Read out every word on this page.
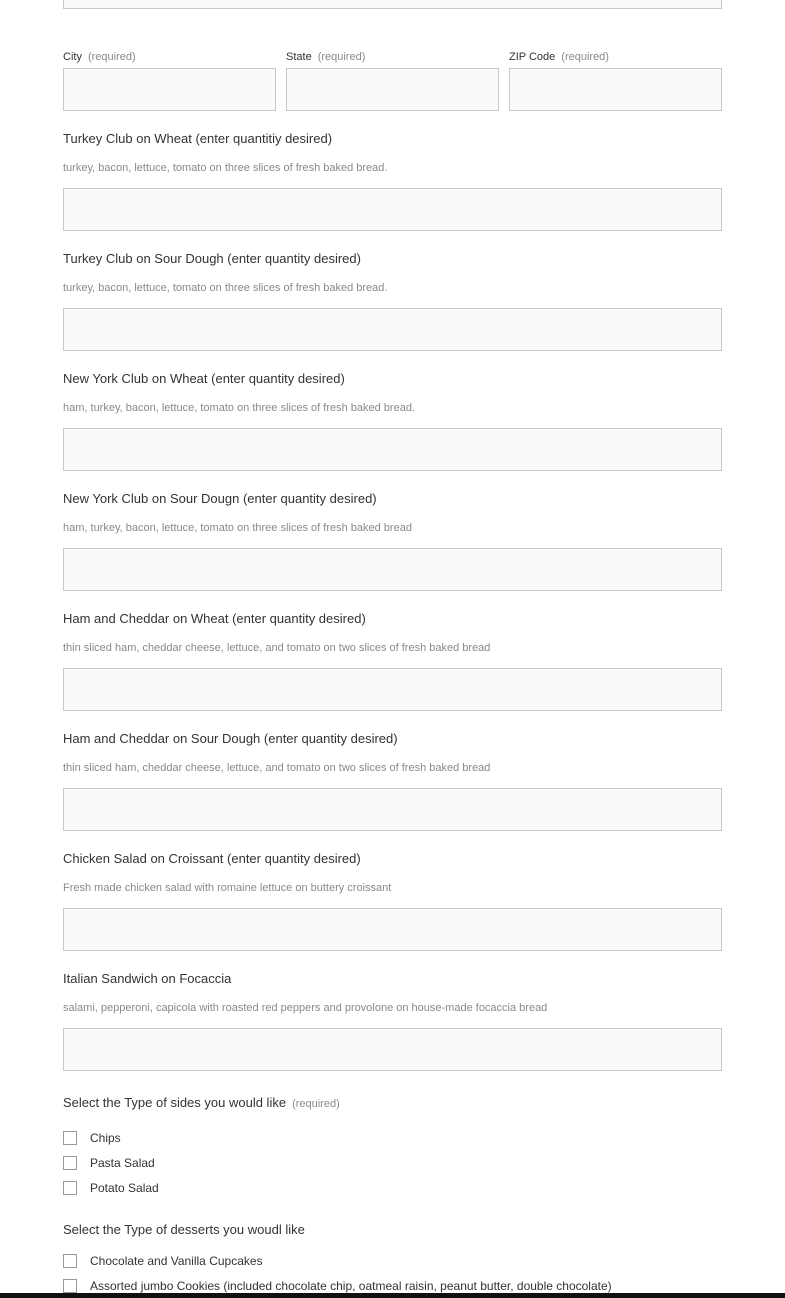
City (required)	State (required)	ZIP Code (required)
Turkey Club on Wheat (enter quantitiy desired)
turkey, bacon, lettuce, tomato on three slices of fresh baked bread.
Turkey Club on Sour Dough (enter quantity desired)
turkey, bacon, lettuce, tomato on three slices of fresh baked bread.
New York Club on Wheat (enter quantity desired)
ham, turkey, bacon, lettuce, tomato on three slices of fresh baked bread.
New York Club on Sour Dougn (enter quantity desired)
ham, turkey, bacon, lettuce, tomato on three slices of fresh baked bread
Ham and Cheddar on Wheat (enter quantity desired)
thin sliced ham, cheddar cheese, lettuce, and tomato on two slices of fresh baked bread
Ham and Cheddar on Sour Dough (enter quantity desired)
thin sliced ham, cheddar cheese, lettuce, and tomato on two slices of fresh baked bread
Chicken Salad on Croissant (enter quantity desired)
Fresh made chicken salad with romaine lettuce on buttery croissant
Italian Sandwich on Focaccia
salami, pepperoni, capicola with roasted red peppers and provolone on house-made focaccia bread
Select the Type of sides you would like (required)
Chips
Pasta Salad
Potato Salad
Select the Type of desserts you woudl like
Chocolate and Vanilla Cupcakes
Assorted jumbo Cookies (included chocolate chip, oatmeal raisin, peanut butter, double chocolate)
